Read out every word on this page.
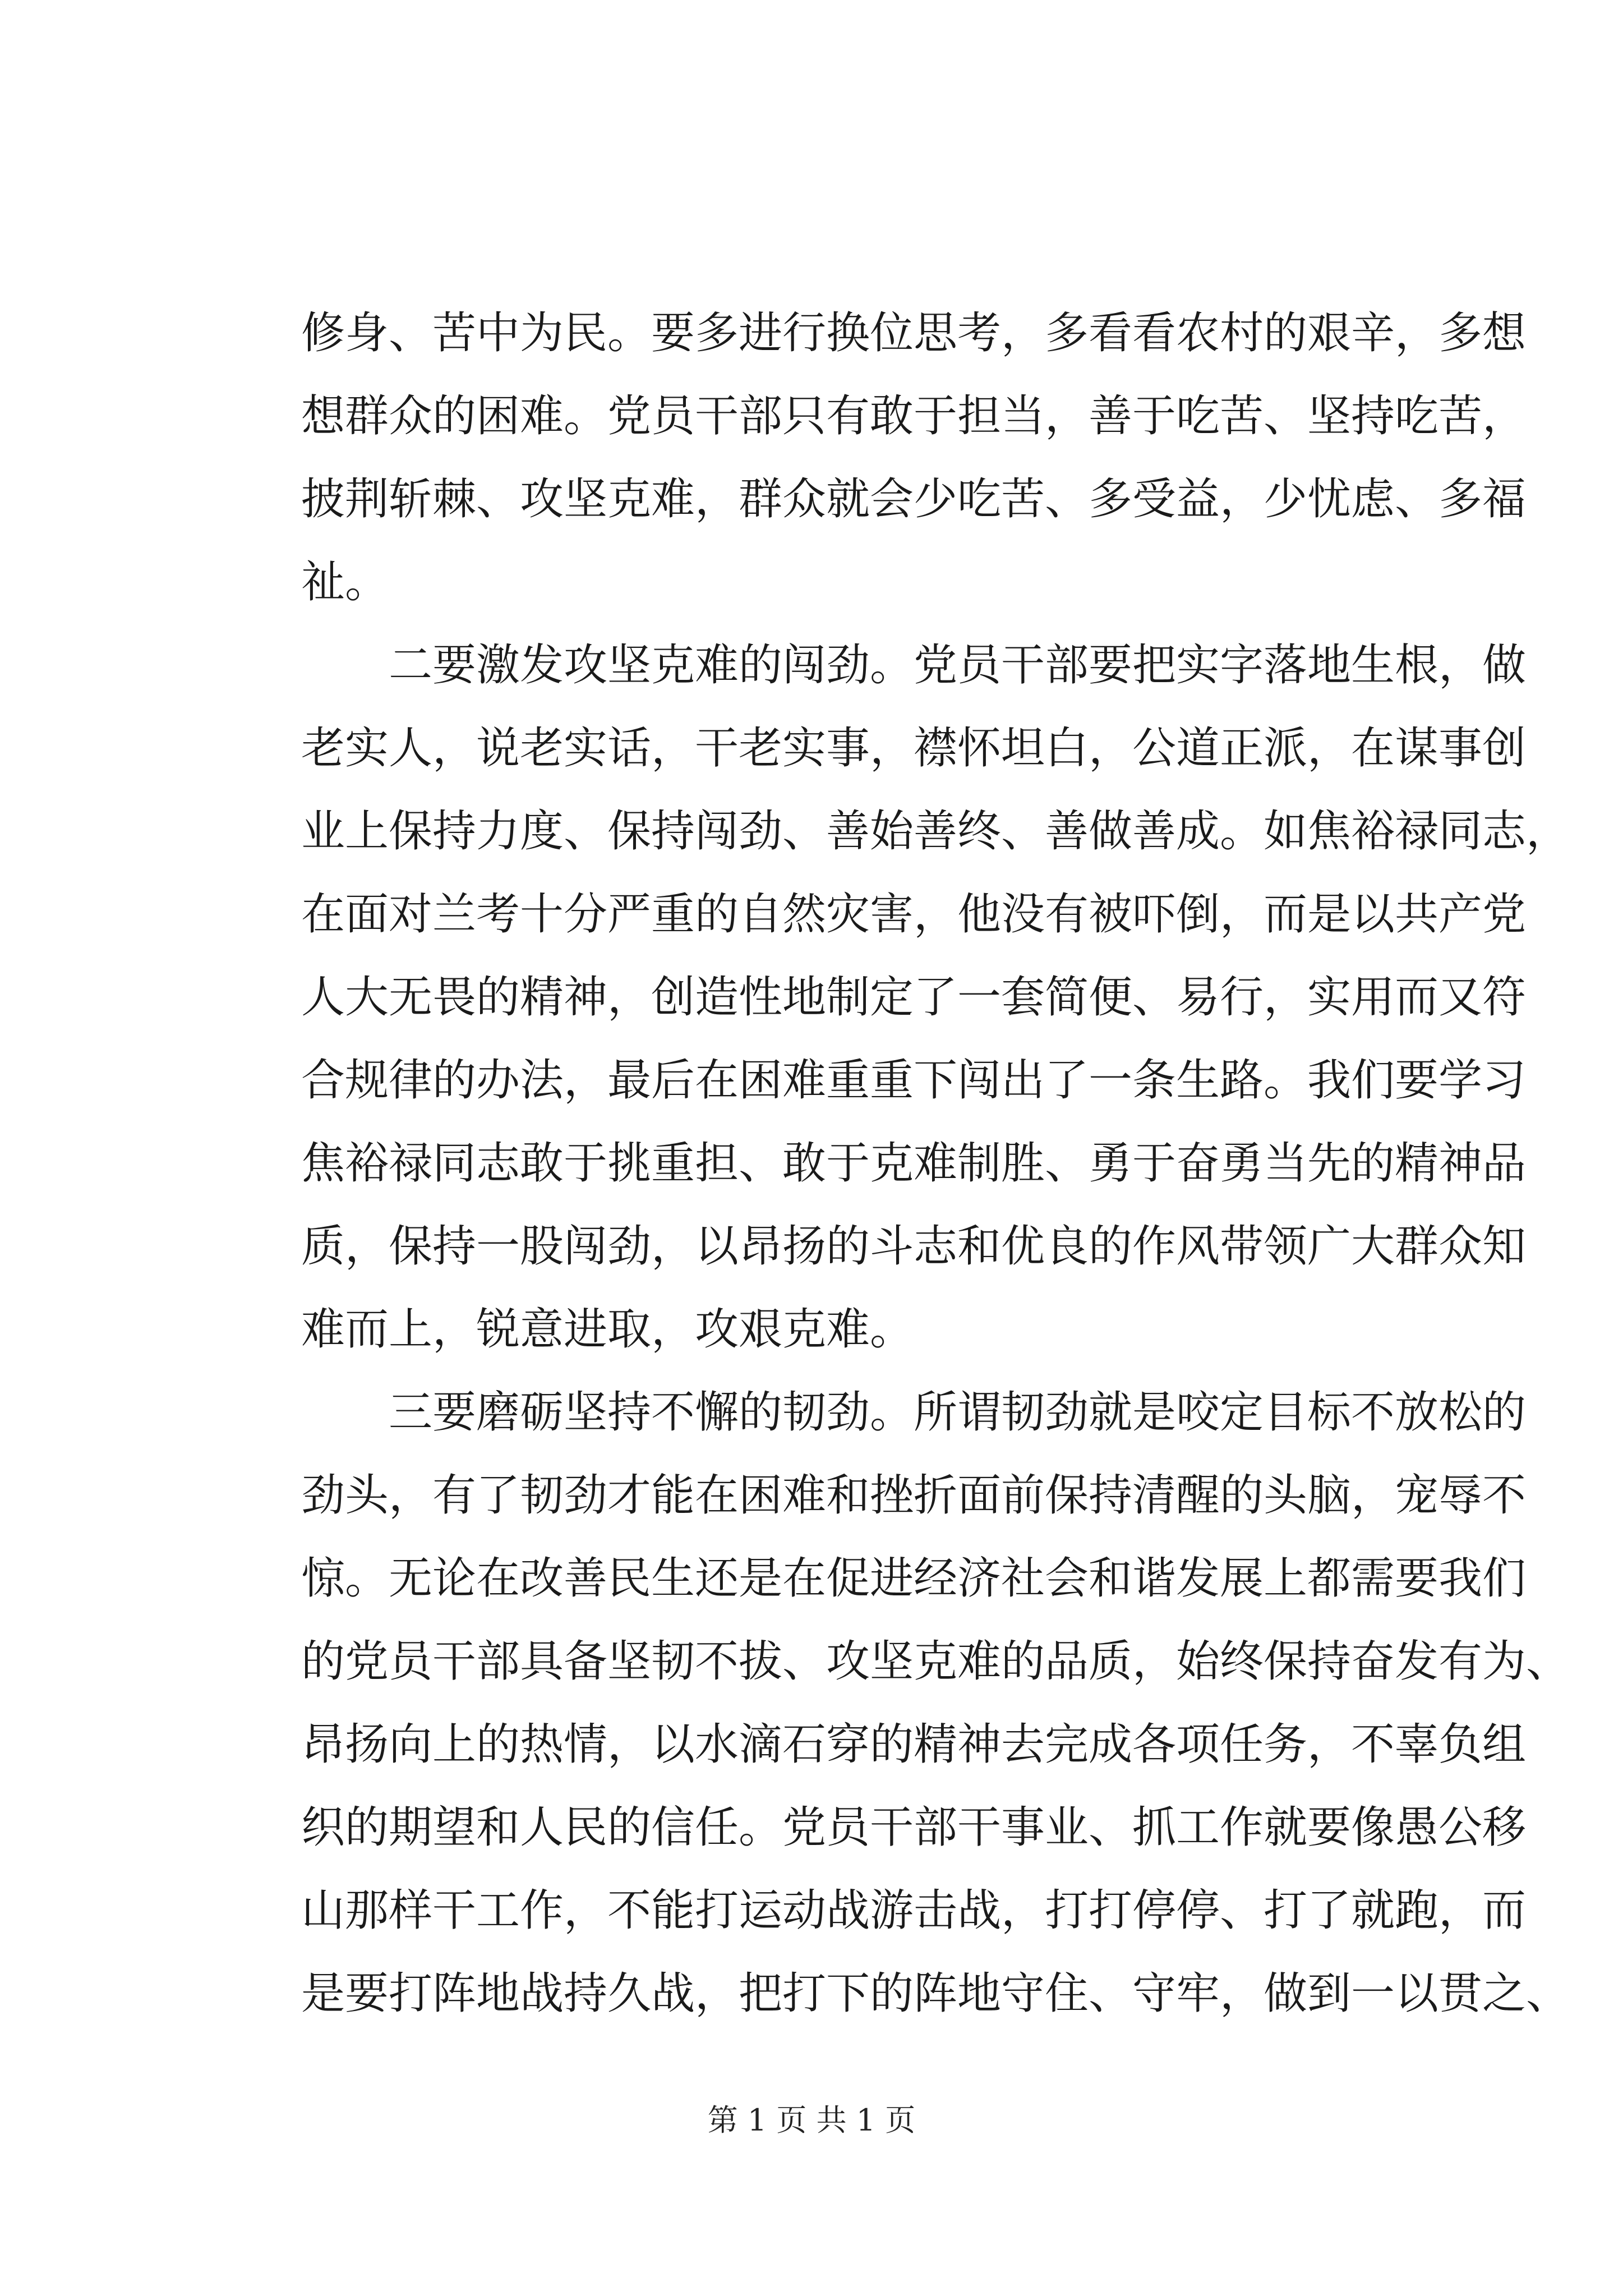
修身、苦中为民。要多进行换位思考，多看看农村的艰辛，多想
想群众的困难。党员干部只有敢于担当，善于吃苦、坚持吃苦，
披荆斩棘、攻坚克难，群众就会少吃苦、多受益，少忧虑、多福
祉。
二要激发攻坚克难的闯劲。党员干部要把实字落地生根，做
老实人，说老实话，干老实事，襟怀坦白，公道正派，在谋事创
业上保持力度、保持闯劲、善始善终、善做善成。如焦裕禄同志，
在面对兰考十分严重的自然灾害，他没有被吓倒，而是以共产党
人大无畏的精神，创造性地制定了一套简便、易行，实用而又符
合规律的办法，最后在困难重重下闯出了一条生路。我们要学习
焦裕禄同志敢于挑重担、敢于克难制胜、勇于奋勇当先的精神品
质，保持一股闯劲，以昂扬的斗志和优良的作风带领广大群众知
难而上，锐意进取，攻艰克难。
三要磨砺坚持不懈的韧劲。所谓韧劲就是咬定目标不放松的
劲头，有了韧劲才能在困难和挫折面前保持清醒的头脑，宠辱不
惊。无论在改善民生还是在促进经济社会和谐发展上都需要我们
的党员干部具备坚韧不拔、攻坚克难的品质，始终保持奋发有为、
昂扬向上的热情，以水滴石穿的精神去完成各项任务，不辜负组
织的期望和人民的信任。党员干部干事业、抓工作就要像愚公移
山那样干工作，不能打运动战游击战，打打停停、打了就跑，而
是要打阵地战持久战，把打下的阵地守住、守牢，做到一以贯之、
第 1 页 共 1 页
